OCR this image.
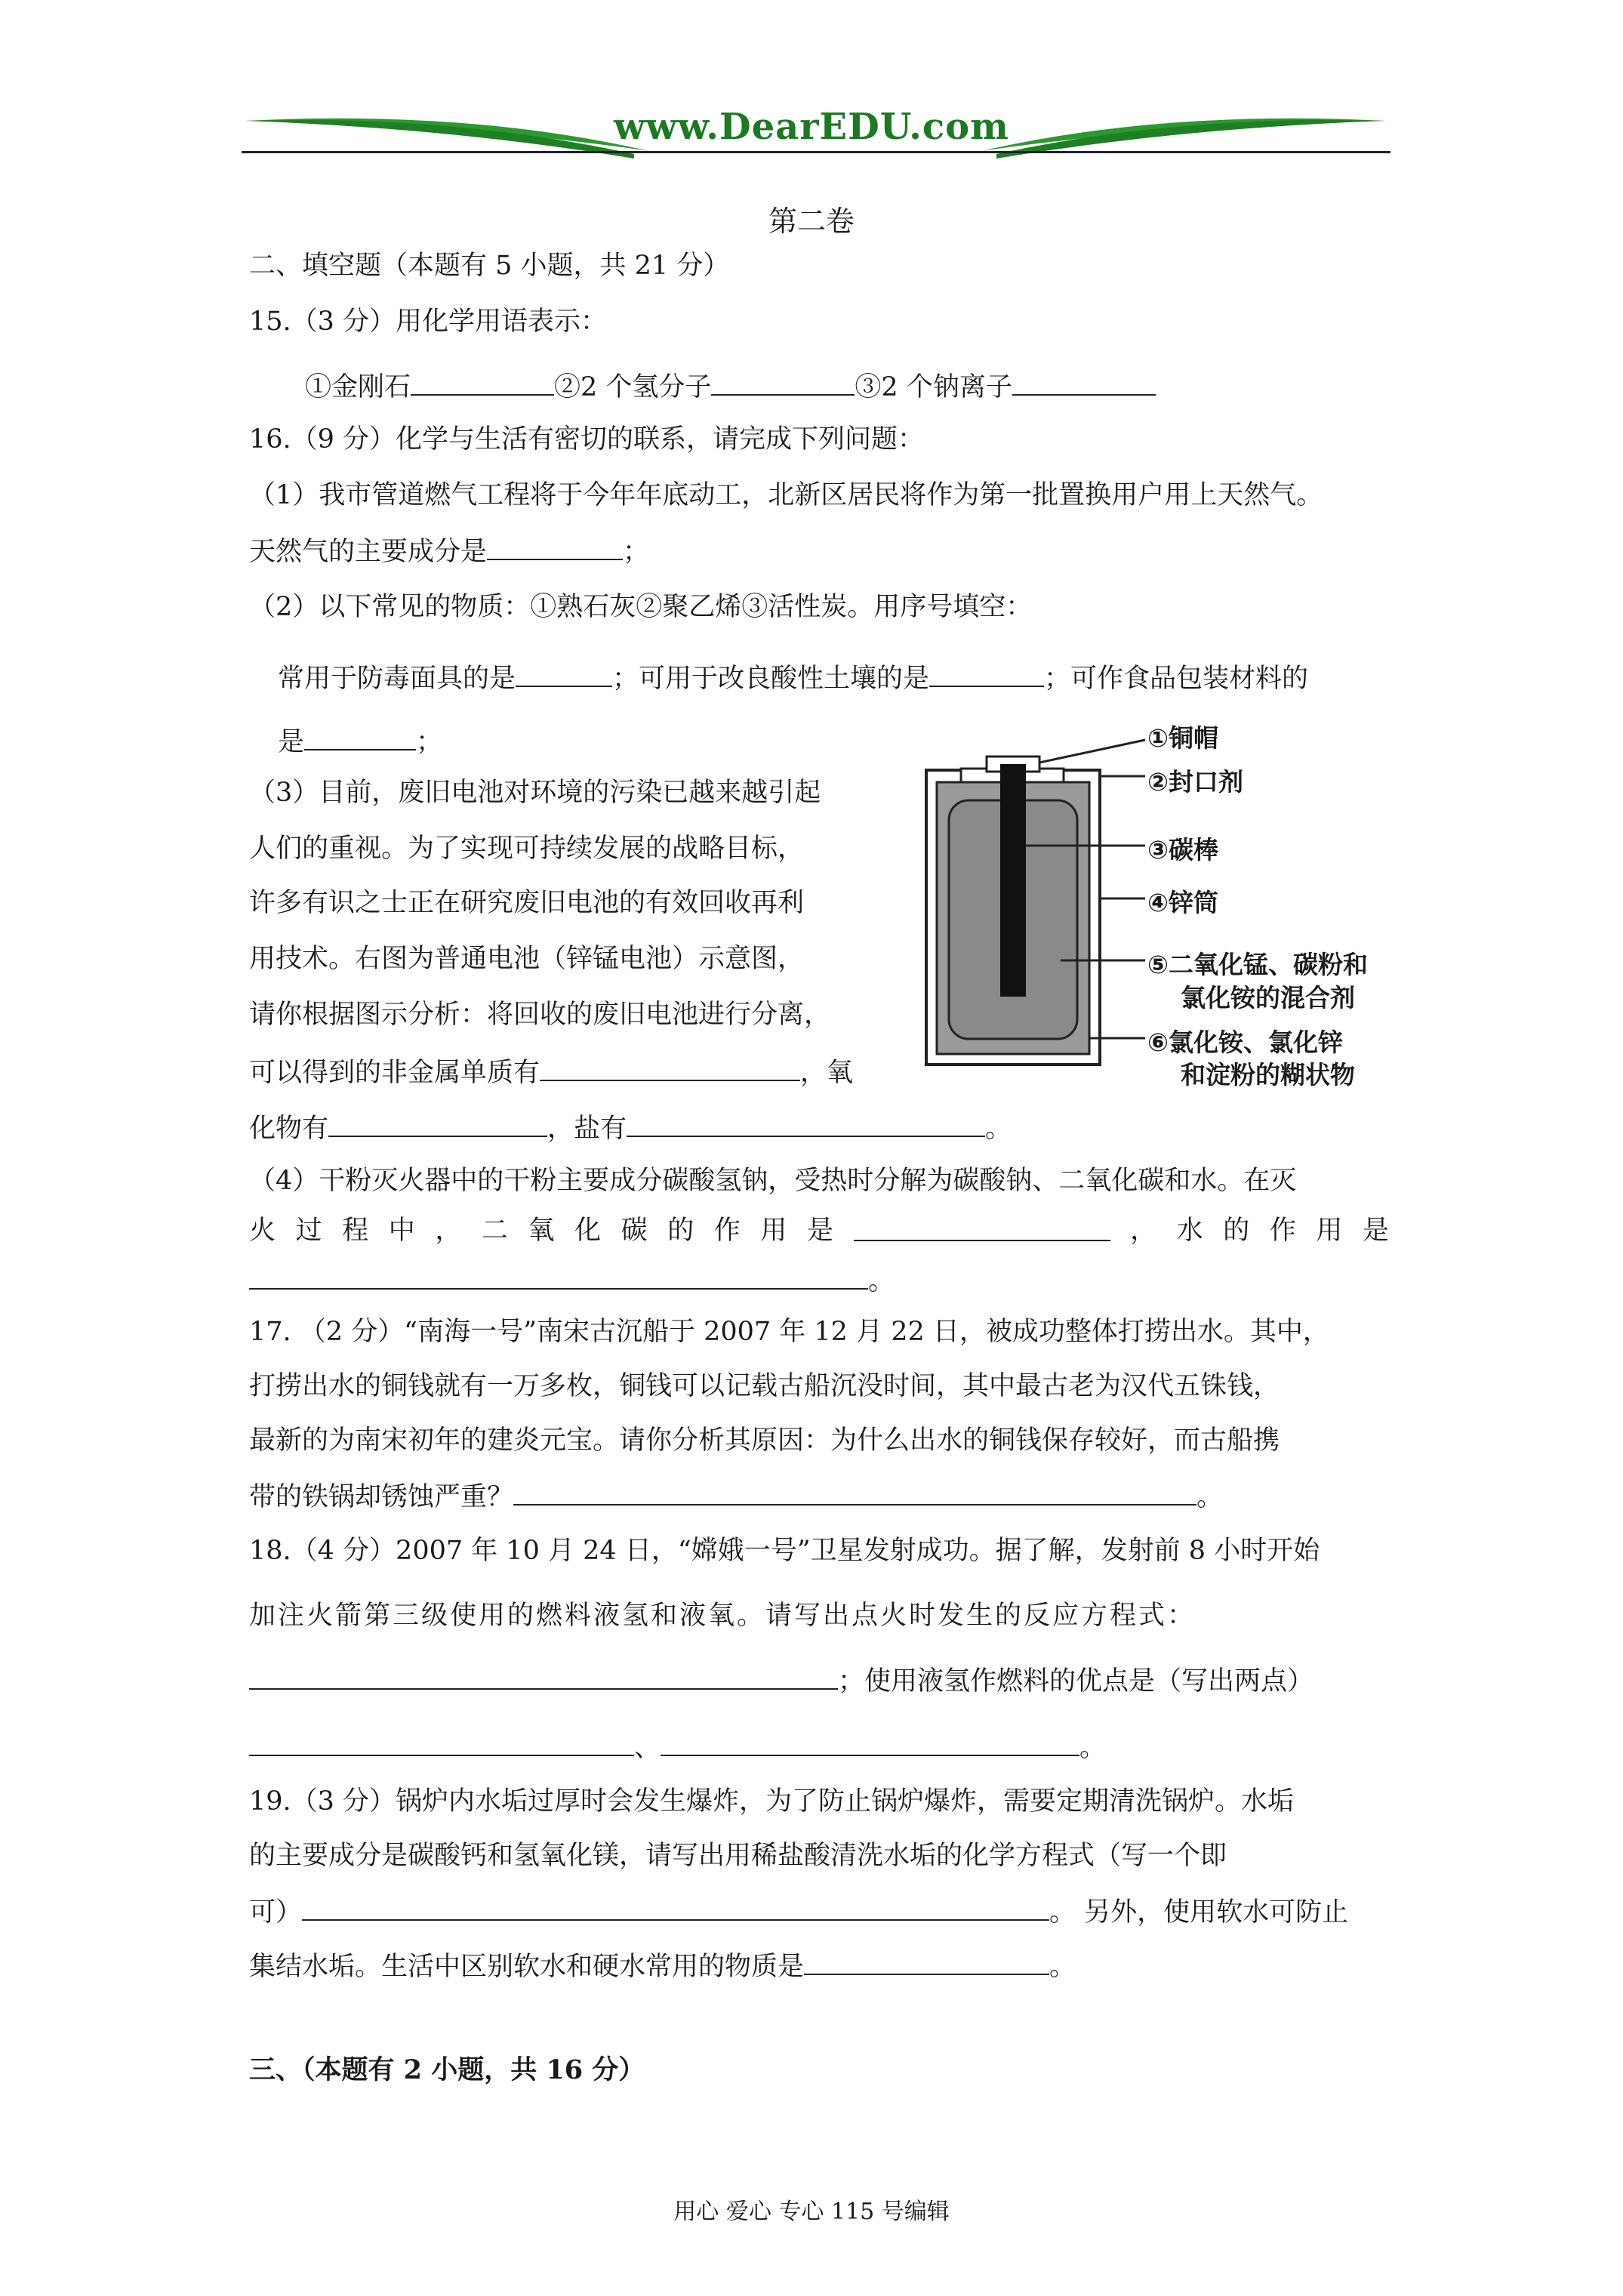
www.DearEDU.com
第二卷
二、填空题（本题有 5 小题，共 21 分）
15.（3 分）用化学用语表示：
①金刚石	②2 个氢分子	③2 个钠离子
16.（9 分）化学与生活有密切的联系，请完成下列问题：
（1）我市管道燃气工程将于今年年底动工，北新区居民将作为第一批置换用户用上天然气。
天然气的主要成分是	；
（2）以下常见的物质：①熟石灰②聚乙烯③活性炭。用序号填空：
常用于防毒面具的是	；可用于改良酸性土壤的是	；可作食品包装材料的
是	；
（3）目前，废旧电池对环境的污染已越来越引起
人们的重视。为了实现可持续发展的战略目标，
许多有识之士正在研究废旧电池的有效回收再利
用技术。右图为普通电池（锌锰电池）示意图，
请你根据图示分析：将回收的废旧电池进行分离，
可以得到的非金属单质有	，氧
化物有	，盐有	。
①铜帽
②封口剂
③碳棒
④锌筒
⑤二氧化锰、碳粉和
氯化铵的混合剂
⑥氯化铵、氯化锌
和淀粉的糊状物
（4）干粉灭火器中的干粉主要成分碳酸氢钠，受热时分解为碳酸钠、二氧化碳和水。在灭
火 过 程 中 ， 二 氧 化 碳 的 作 用 是	， 水 的 作 用 是
。
17. （2 分）“南海一号”南宋古沉船于 2007 年 12 月 22 日，被成功整体打捞出水。其中，
打捞出水的铜钱就有一万多枚，铜钱可以记载古船沉没时间，其中最古老为汉代五铢钱，
最新的为南宋初年的建炎元宝。请你分析其原因：为什么出水的铜钱保存较好，而古船携
带的铁锅却锈蚀严重？	。
18.（4 分）2007 年 10 月 24 日，“嫦娥一号”卫星发射成功。据了解，发射前 8 小时开始
加注火箭第三级使用的燃料液氢和液氧。请写出点火时发生的反应方程式：
；使用液氢作燃料的优点是（写出两点）
、	。
19.（3 分）锅炉内水垢过厚时会发生爆炸，为了防止锅炉爆炸，需要定期清洗锅炉。水垢
的主要成分是碳酸钙和氢氧化镁，请写出用稀盐酸清洗水垢的化学方程式（写一个即
可）	。 另外，使用软水可防止
集结水垢。生活中区别软水和硬水常用的物质是	。
三、（本题有 2 小题，共 16 分）
用心 爱心 专心 115 号编辑
